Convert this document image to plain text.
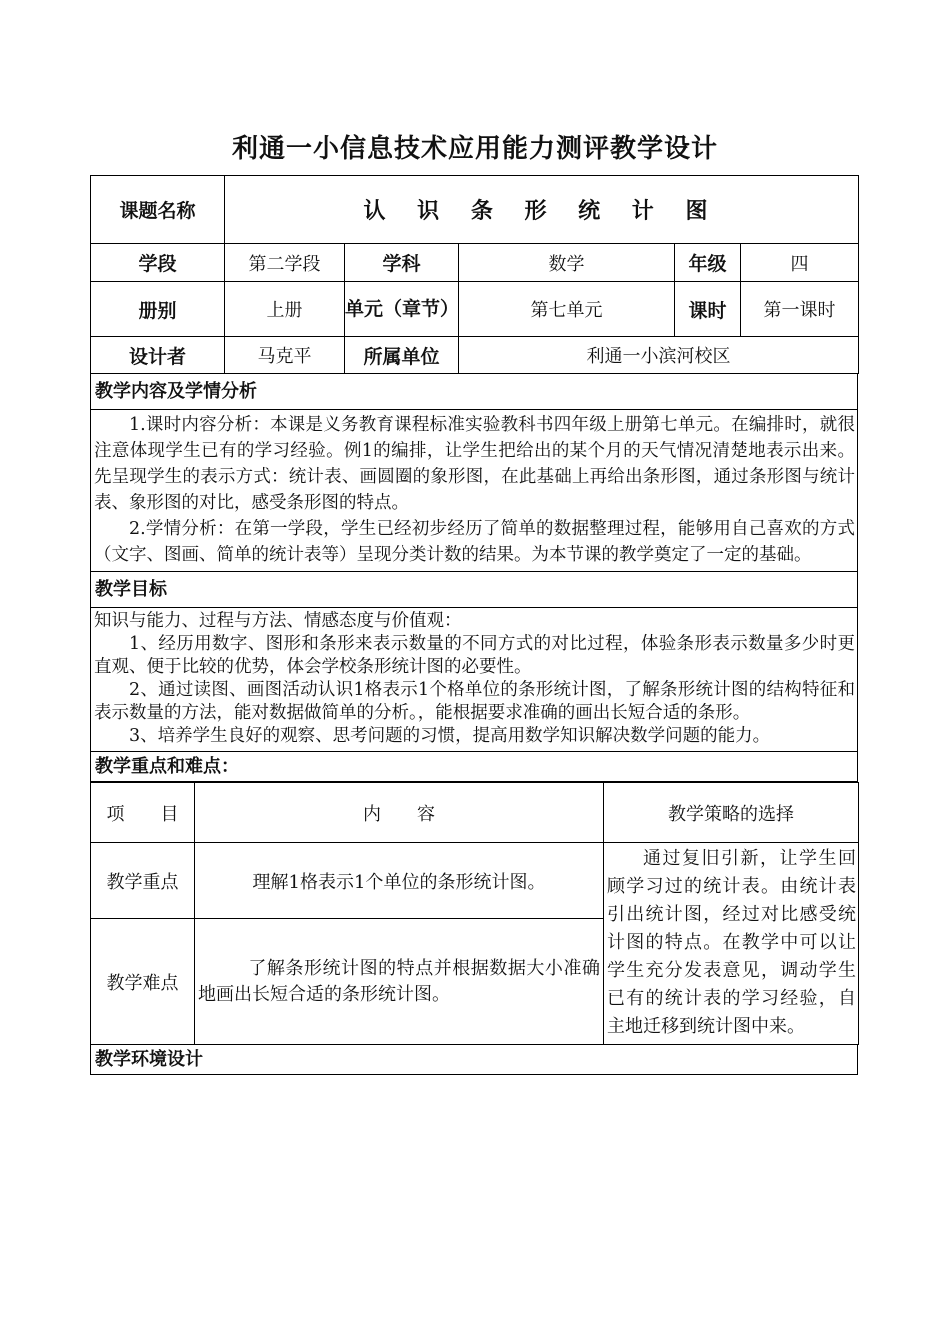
利通一小信息技术应用能力测评教学设计
课题名称	认 识 条 形 统 计 图				
学段	第二学段	学科	数学	年级	四
册别	上册	单元（章节）	第七单元	课时	第一课时
设计者	马克平	所属单位	利通一小滨河校区		
教学内容及学情分析

1.课时内容分析：本课是义务教育课程标准实验教科书四年级上册第七单元。在编排时，就很注意体现学生已有的学习经验。例1的编排，让学生把给出的某个月的天气情况清楚地表示出来。先呈现学生的表示方式：统计表、画圆圈的象形图，在此基础上再给出条形图，通过条形图与统计表、象形图的对比，感受条形图的特点。

2.学情分析：在第一学段，学生已经初步经历了简单的数据整理过程，能够用自己喜欢的方式（文字、图画、简单的统计表等）呈现分类计数的结果。为本节课的教学奠定了一定的基础。

教学目标

知识与能力、过程与方法、情感态度与价值观：

1、经历用数字、图形和条形来表示数量的不同方式的对比过程，体验条形表示数量多少时更直观、便于比较的优势，体会学校条形统计图的必要性。

2、通过读图、画图活动认识1格表示1个格单位的条形统计图，了解条形统计图的结构特征和表示数量的方法，能对数据做简单的分析。，能根据要求准确的画出长短合适的条形。

3、培养学生良好的观察、思考问题的习惯，提高用数学知识解决数学问题的能力。

教学重点和难点：
项　　目	内　　容	教学策略的选择
教学重点	理解1格表示1个单位的条形统计图。	通过复旧引新，让学生回顾学习过的统计表。由统计表引出统计图，经过对比感受统计图的特点。在教学中可以让学生充分发表意见，调动学生已有的统计表的学习经验，自主地迁移到统计图中来。
教学难点	了解条形统计图的特点并根据数据大小准确地画出长短合适的条形统计图。	
教学环境设计
